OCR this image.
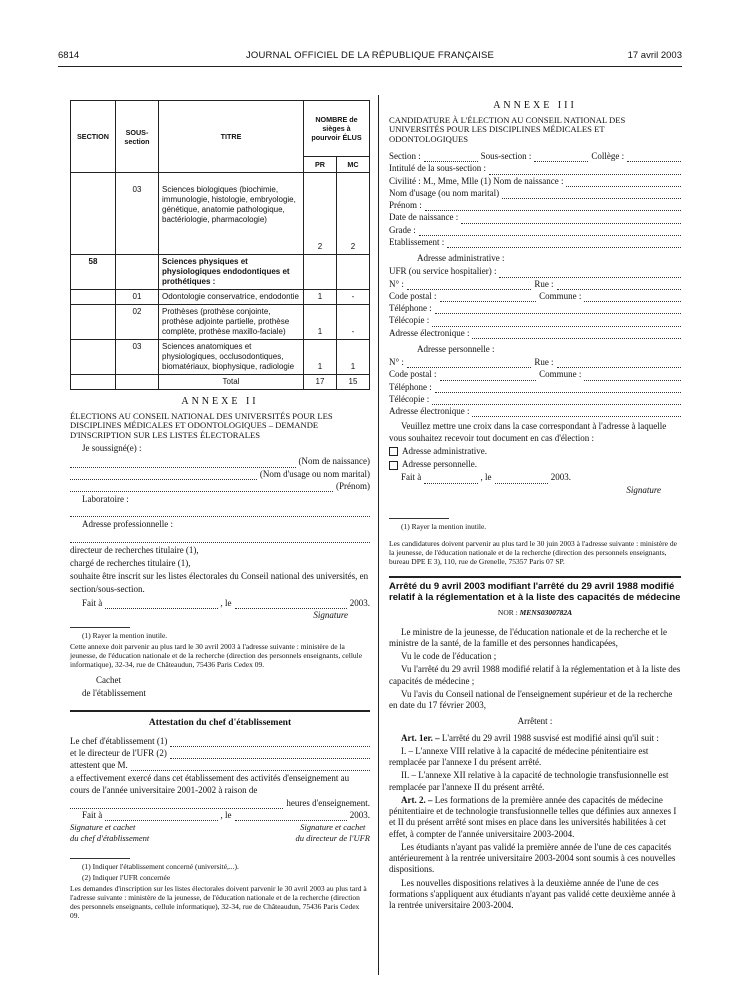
6814	JOURNAL OFFICIEL DE LA RÉPUBLIQUE FRANÇAISE	17 avril 2003
SECTION	SOUS-section	TITRE	NOMBRE de sièges à pourvoir ÉLUS	
			PR	MC
	03	Sciences biologiques (biochimie, immunologie, histologie, embryologie, génétique, anatomie pathologique, bactériologie, pharmacologie)	2	2
58		Sciences physiques et physiologiques endodontiques et prothétiques :		
	01	Odontologie conservatrice, endodontie	1	-
	02	Prothèses (prothèse conjointe, prothèse adjointe partielle, prothèse complète, prothèse maxillo-faciale)	1	-
	03	Sciences anatomiques et physiologiques, occlusodontiques, biomatériaux, biophysique, radiologie	1	1
		Total	17	15
ANNEXE II
ÉLECTIONS AU CONSEIL NATIONAL DES UNIVERSITÉS POUR LES DISCIPLINES MÉDICALES ET ODONTOLOGIQUES – DEMANDE D'INSCRIPTION SUR LES LISTES ÉLECTORALES

Je soussigné(e) :

(Nom de naissance)
(Nom d'usage ou nom marital)
(Prénom)

Laboratoire :

Adresse professionnelle :

directeur de recherches titulaire (1),

chargé de recherches titulaire (1),

souhaite être inscrit sur les listes électorales du Conseil national des universités, en

section/sous-section.

Fait à	, le	2003.
Signature

(1) Rayer la mention inutile.

Cette annexe doit parvenir au plus tard le 30 avril 2003 à l'adresse suivante : ministère de la jeunesse, de l'éducation nationale et de la recherche (direction des personnels enseignants, cellule informatique), 32-34, rue de Châteaudun, 75436 Paris Cedex 09.

Cachet

de l'établissement

Attestation du chef d'établissement
Le chef d'établissement (1)
et le directeur de l'UFR (2)
attestent que M.

a effectivement exercé dans cet établissement des activités d'enseignement au cours de l'année universitaire 2001-2002 à raison de

heures d'enseignement.
Fait à	, le	2003.
Signature et cachet
du chef d'établissement
Signature et cachet
du directeur de l'UFR

(1) Indiquer l'établissement concerné (université,...).

(2) Indiquer l'UFR concernée

Les demandes d'inscription sur les listes électorales doivent parvenir le 30 avril 2003 au plus tard à l'adresse suivante : ministère de la jeunesse, de l'éducation nationale et de la recherche (direction des personnels enseignants, cellule informatique), 32-34, rue de Châteaudun, 75436 Paris Cedex 09.

ANNEXE III
CANDIDATURE À L'ÉLECTION AU CONSEIL NATIONAL DES UNIVERSITÉS POUR LES DISCIPLINES MÉDICALES ET ODONTOLOGIQUES
Section :	Sous-section :	Collège :
Intitulé de la sous-section :
Civilité : M., Mme, Mlle (1) Nom de naissance :
Nom d'usage (ou nom marital)
Prénom :
Date de naissance :
Grade :
Etablissement :

Adresse administrative :

UFR (ou service hospitalier) :
N° :	Rue :
Code postal :	Commune :
Téléphone :
Télécopie :
Adresse électronique :

Adresse personnelle :

N° :	Rue :
Code postal :	Commune :
Téléphone :
Télécopie :
Adresse électronique :

Veuillez mettre une croix dans la case correspondant à l'adresse à laquelle vous souhaitez recevoir tout document en cas d'élection :

Adresse administrative.

Adresse personnelle.

Fait à	, le	2003.
Signature

(1) Rayer la mention inutile.

Les candidatures doivent parvenir au plus tard le 30 juin 2003 à l'adresse suivante : ministère de la jeunesse, de l'éducation nationale et de la recherche (direction des personnels enseignants, bureau DPE E 3), 110, rue de Grenelle, 75357 Paris 07 SP.

Arrêté du 9 avril 2003 modifiant l'arrêté du 29 avril 1988 modifié relatif à la réglementation et à la liste des capacités de médecine

NOR : MENS0300782A

Le ministre de la jeunesse, de l'éducation nationale et de la recherche et le ministre de la santé, de la famille et des personnes handicapées,

Vu le code de l'éducation ;

Vu l'arrêté du 29 avril 1988 modifié relatif à la réglementation et à la liste des capacités de médecine ;

Vu l'avis du Conseil national de l'enseignement supérieur et de la recherche en date du 17 février 2003,

Arrêtent :

Art. 1er. – L'arrêté du 29 avril 1988 susvisé est modifié ainsi qu'il suit :

I. – L'annexe VIII relative à la capacité de médecine pénitentiaire est remplacée par l'annexe I du présent arrêté.

II. – L'annexe XII relative à la capacité de technologie transfusionnelle est remplacée par l'annexe II du présent arrêté.

Art. 2. – Les formations de la première année des capacités de médecine pénitentiaire et de technologie transfusionnelle telles que définies aux annexes I et II du présent arrêté sont mises en place dans les universités habilitées à cet effet, à compter de l'année universitaire 2003-2004.

Les étudiants n'ayant pas validé la première année de l'une de ces capacités antérieurement à la rentrée universitaire 2003-2004 sont soumis à ces nouvelles dispositions.

Les nouvelles dispositions relatives à la deuxième année de l'une de ces formations s'appliquent aux étudiants n'ayant pas validé cette deuxième année à la rentrée universitaire 2003-2004.
